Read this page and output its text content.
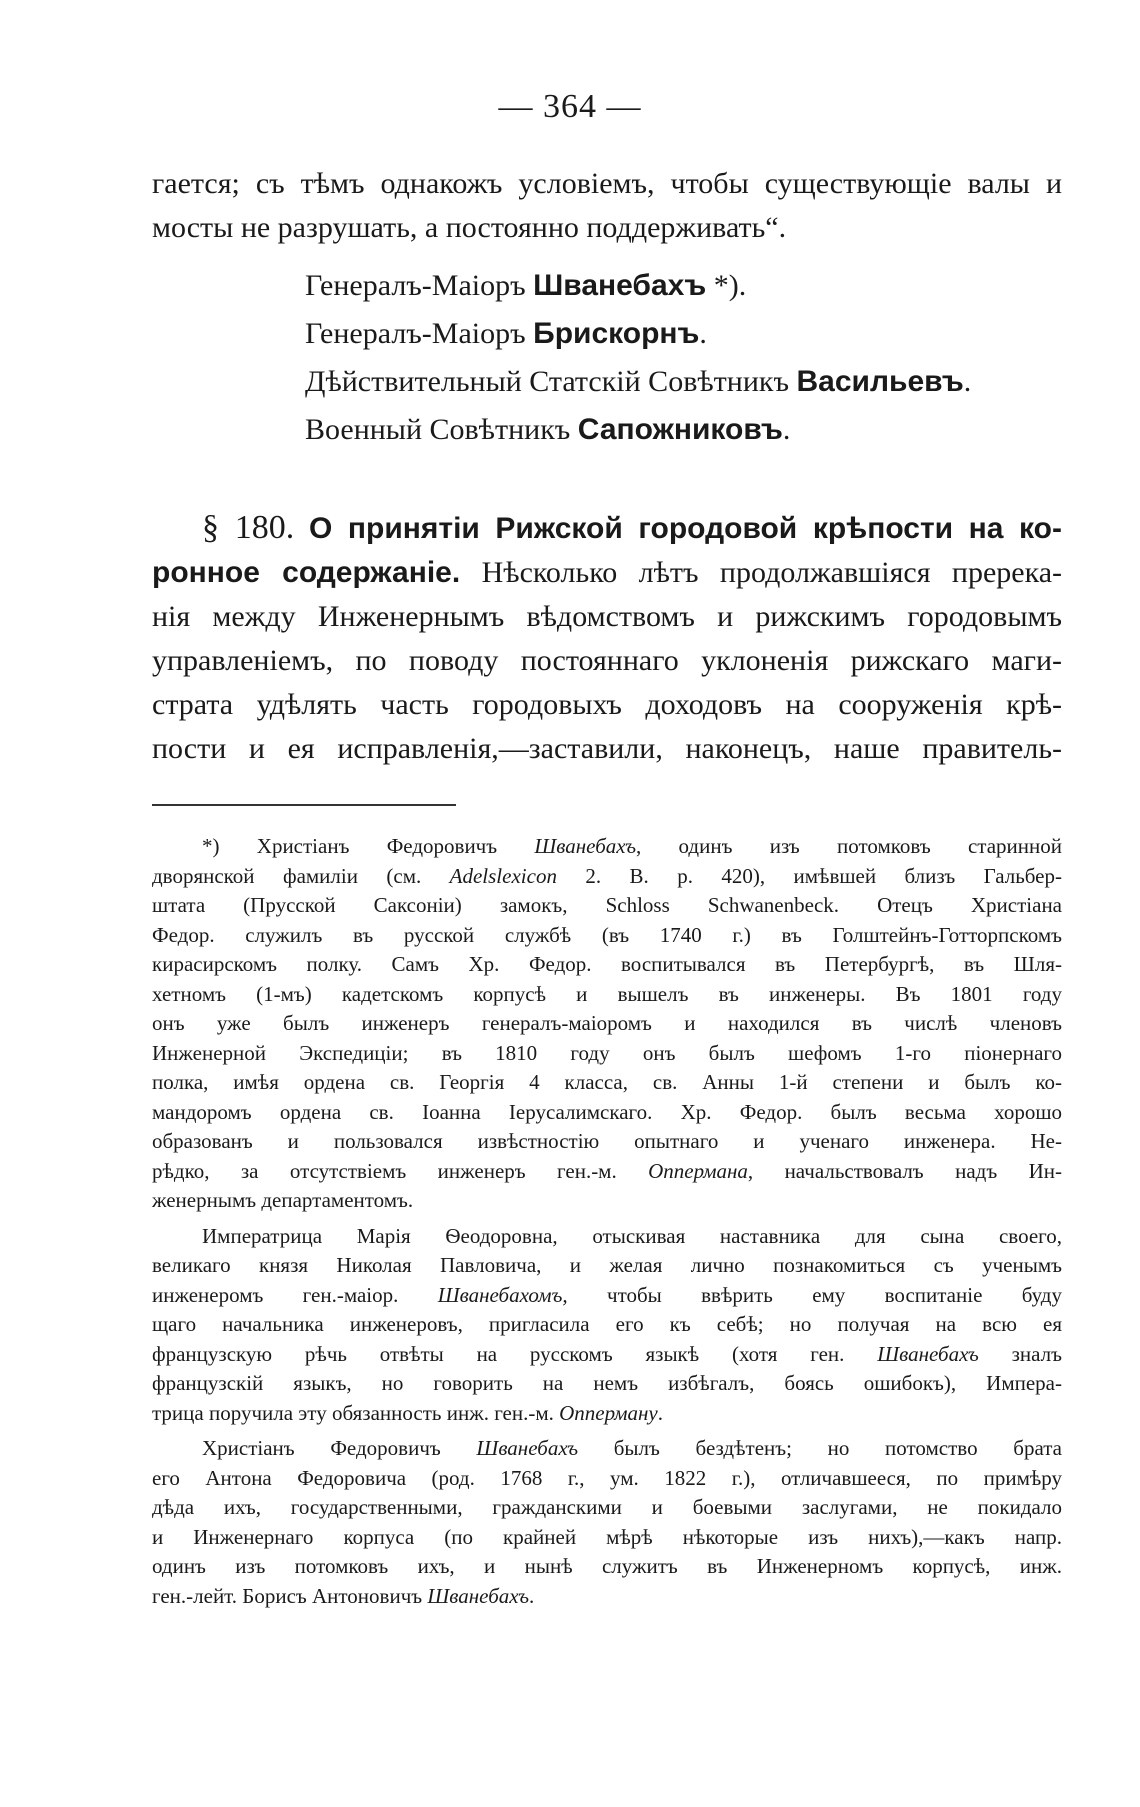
— 364 —
гается; съ тѣмъ однакожъ условіемъ, чтобы существующіе валы и
мосты не разрушать, а постоянно поддерживать“.
Генералъ-Маіоръ Шванебахъ *).
Генералъ-Маіоръ Брискорнъ.
Дѣйствительный Статскій Совѣтникъ Васильевъ.
Военный Совѣтникъ Сапожниковъ.
§ 180. О принятіи Рижской городовой крѣпости на ко-
ронное содержаніе. Нѣсколько лѣтъ продолжавшіяся пререка-
нія между Инженернымъ вѣдомствомъ и рижскимъ городовымъ
управленіемъ, по поводу постояннаго уклоненія рижскаго маги-
страта удѣлять часть городовыхъ доходовъ на сооруженія крѣ-
пости и ея исправленія,—заставили, наконецъ, наше правитель-
*) Христіанъ Федоровичъ Шванебахъ, одинъ изъ потомковъ старинной
дворянской фамиліи (см. Adelslexicon 2. B. p. 420), имѣвшей близъ Гальбер-
штата (Прусской Саксоніи) замокъ, Schloss Schwanenbeck. Отецъ Христіана
Федор. служилъ въ русской службѣ (въ 1740 г.) въ Голштейнъ-Готторпскомъ
кирасирскомъ полку. Самъ Хр. Федор. воспитывался въ Петербургѣ, въ Шля-
хетномъ (1-мъ) кадетскомъ корпусѣ и вышелъ въ инженеры. Въ 1801 году
онъ уже былъ инженеръ генералъ-маіоромъ и находился въ числѣ членовъ
Инженерной Экспедиціи; въ 1810 году онъ былъ шефомъ 1-го піонернаго
полка, имѣя ордена св. Георгія 4 класса, св. Анны 1-й степени и былъ ко-
мандоромъ ордена св. Іоанна Іерусалимскаго. Хр. Федор. былъ весьма хорошо
образованъ и пользовался извѣстностію опытнаго и ученаго инженера. Не-
рѣдко, за отсутствіемъ инженеръ ген.-м. Оппермана, начальствовалъ надъ Ин-
женернымъ департаментомъ.
Императрица Марія Ѳеодоровна, отыскивая наставника для сына своего,
великаго князя Николая Павловича, и желая лично познакомиться съ ученымъ
инженеромъ ген.-маіор. Шванебахомъ, чтобы ввѣрить ему воспитаніе буду
щаго начальника инженеровъ, пригласила его къ себѣ; но получая на всю ея
французскую рѣчь отвѣты на русскомъ языкѣ (хотя ген. Шванебахъ зналъ
французскій языкъ, но говорить на немъ избѣгалъ, боясь ошибокъ), Импера-
трица поручила эту обязанность инж. ген.-м. Опперману.
Христіанъ Федоровичъ Шванебахъ былъ бездѣтенъ; но потомство брата
его Антона Федоровича (род. 1768 г., ум. 1822 г.), отличавшееся, по примѣру
дѣда ихъ, государственными, гражданскими и боевыми заслугами, не покидало
и Инженернаго корпуса (по крайней мѣрѣ нѣкоторые изъ нихъ),—какъ напр.
одинъ изъ потомковъ ихъ, и нынѣ служитъ въ Инженерномъ корпусѣ, инж.
ген.-лейт. Борисъ Антоновичъ Шванебахъ.
